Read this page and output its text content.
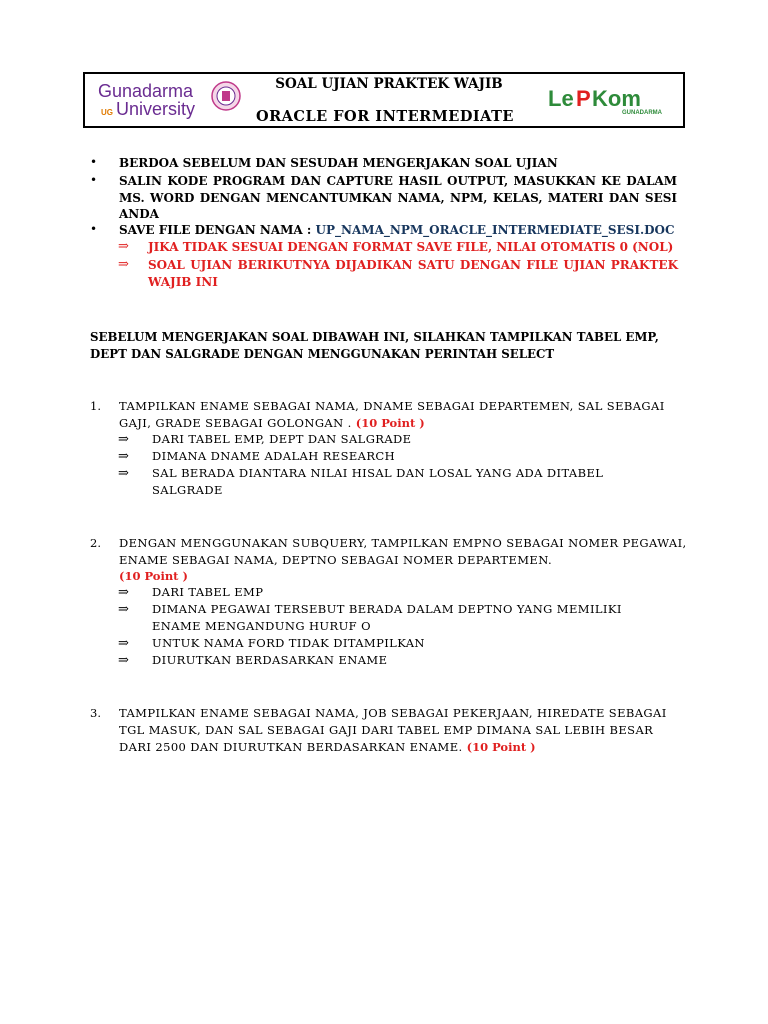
Gunadarma
UG University
SOAL UJIAN PRAKTEK WAJIB
ORACLE FOR INTERMEDIATE
Le P Kom
GUNADARMA
• BERDOA SEBELUM DAN SESUDAH MENGERJAKAN SOAL UJIAN
• SALIN KODE PROGRAM DAN CAPTURE HASIL OUTPUT, MASUKKAN KE DALAM MS. WORD DENGAN MENCANTUMKAN NAMA, NPM, KELAS, MATERI DAN SESI ANDA
• SAVE FILE DENGAN NAMA : UP_NAMA_NPM_ORACLE_INTERMEDIATE_SESI.DOC
⇒ JIKA TIDAK SESUAI DENGAN FORMAT SAVE FILE, NILAI OTOMATIS 0 (NOL)
⇒ SOAL UJIAN BERIKUTNYA DIJADIKAN SATU DENGAN FILE UJIAN PRAKTEK WAJIB INI
SEBELUM MENGERJAKAN SOAL DIBAWAH INI, SILAHKAN TAMPILKAN TABEL EMP, DEPT DAN SALGRADE DENGAN MENGGUNAKAN PERINTAH SELECT
1. TAMPILKAN ENAME SEBAGAI NAMA, DNAME SEBAGAI DEPARTEMEN, SAL SEBAGAI GAJI, GRADE SEBAGAI GOLONGAN . (10 Point )
⇒ DARI TABEL EMP, DEPT DAN SALGRADE
⇒ DIMANA DNAME ADALAH RESEARCH
⇒ SAL BERADA DIANTARA NILAI HISAL DAN LOSAL YANG ADA DITABEL SALGRADE
2. DENGAN MENGGUNAKAN SUBQUERY, TAMPILKAN EMPNO SEBAGAI NOMER PEGAWAI, ENAME SEBAGAI NAMA, DEPTNO SEBAGAI NOMER DEPARTEMEN.
(10 Point )
⇒ DARI TABEL EMP
⇒ DIMANA PEGAWAI TERSEBUT BERADA DALAM DEPTNO YANG MEMILIKI ENAME MENGANDUNG HURUF O
⇒ UNTUK NAMA FORD TIDAK DITAMPILKAN
⇒ DIURUTKAN BERDASARKAN ENAME
3. TAMPILKAN ENAME SEBAGAI NAMA, JOB SEBAGAI PEKERJAAN, HIREDATE SEBAGAI TGL MASUK, DAN SAL SEBAGAI GAJI DARI TABEL EMP DIMANA SAL LEBIH BESAR DARI 2500 DAN DIURUTKAN BERDASARKAN ENAME. (10 Point )
